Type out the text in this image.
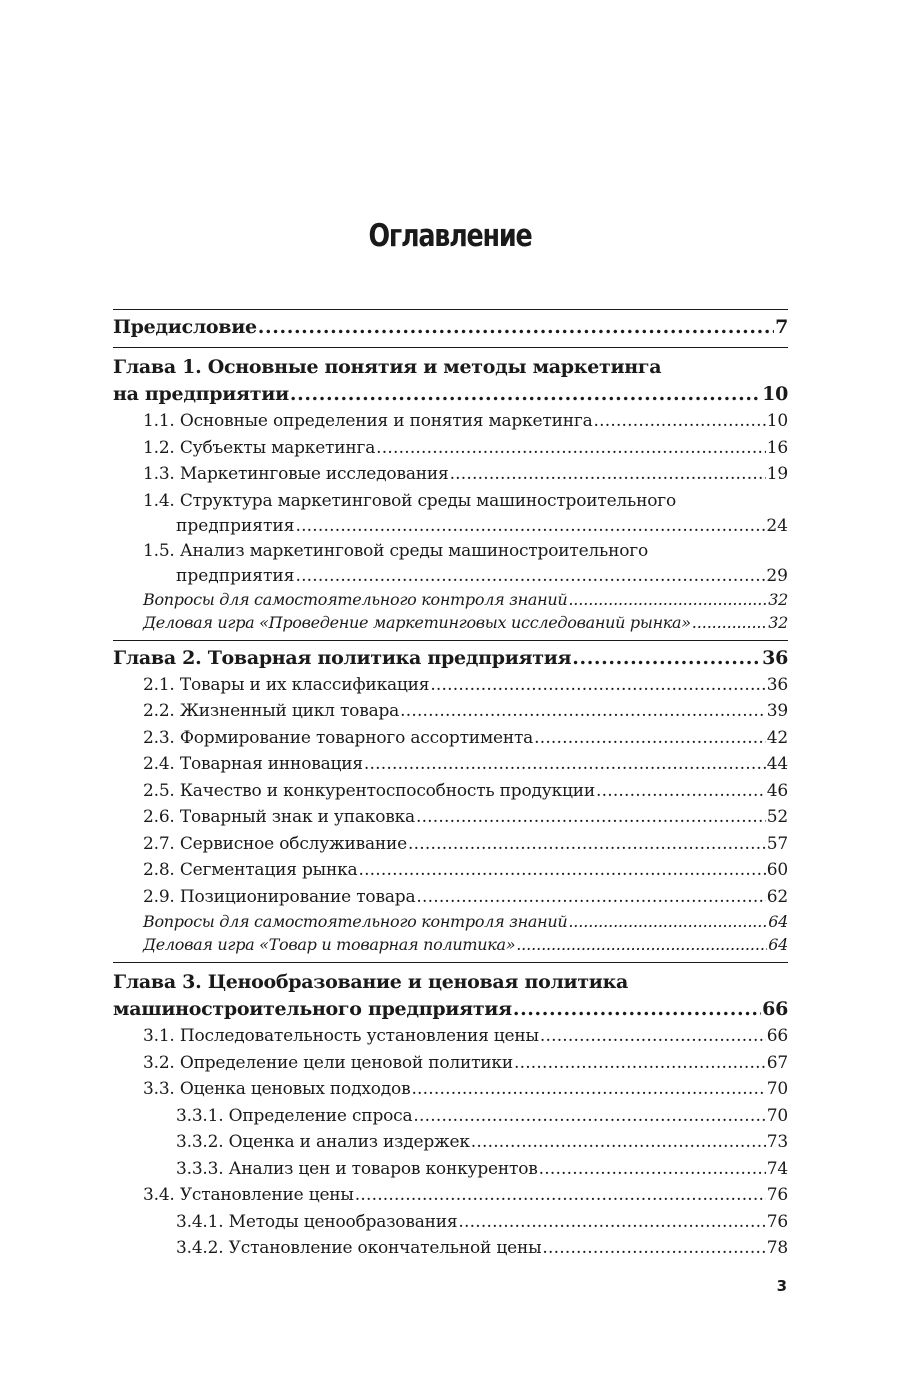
Оглавление
Предисловие . . .	7
Глава 1. Основные понятия и методы маркетинга
на предприятии . . .	10
1.1. Основные определения и понятия маркетинга . . .	10
1.2. Субъекты маркетинга . . .	16
1.3. Маркетинговые исследования . . .	19
1.4. Структура маркетинговой среды машиностроительного
предприятия . . .	24
1.5. Анализ маркетинговой среды машиностроительного
предприятия . . .	29
Вопросы для самостоятельного контроля знаний . . .	32
Деловая игра «Проведение маркетинговых исследований рынка» . . .	32
Глава 2. Товарная политика предприятия . . .	36
2.1. Товары и их классификация . . .	36
2.2. Жизненный цикл товара . . .	39
2.3. Формирование товарного ассортимента . . .	42
2.4. Товарная инновация . . .	44
2.5. Качество и конкурентоспособность продукции . . .	46
2.6. Товарный знак и упаковка . . .	52
2.7. Сервисное обслуживание . . .	57
2.8. Сегментация рынка . . .	60
2.9. Позиционирование товара . . .	62
Вопросы для самостоятельного контроля знаний . . .	64
Деловая игра «Товар и товарная политика» . . .	64
Глава 3. Ценообразование и ценовая политика
машиностроительного предприятия . . .	66
3.1. Последовательность установления цены . . .	66
3.2. Определение цели ценовой политики . . .	67
3.3. Оценка ценовых подходов . . .	70
3.3.1. Определение спроса . . .	70
3.3.2. Оценка и анализ издержек . . .	73
3.3.3. Анализ цен и товаров конкурентов . . .	74
3.4. Установление цены . . .	76
3.4.1. Методы ценообразования . . .	76
3.4.2. Установление окончательной цены . . .	78

3
